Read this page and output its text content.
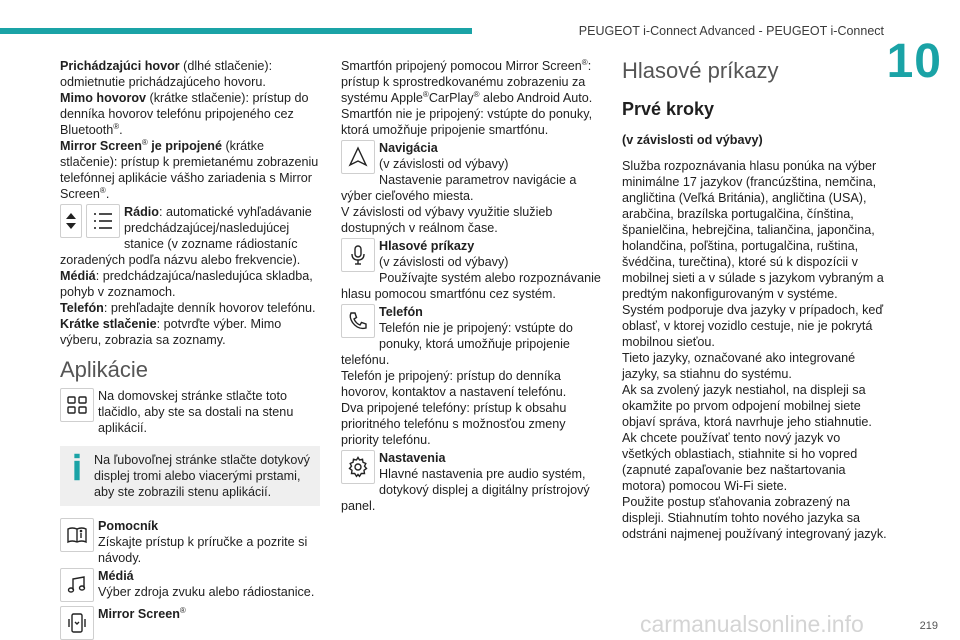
PEUGEOT i-Connect Advanced - PEUGEOT i-Connect
10

Prichádzajúci hovor (dlhé stlačenie): odmietnutie prichádzajúceho hovoru.

Mimo hovorov (krátke stlačenie): prístup do denníka hovorov telefónu pripojeného cez Bluetooth®.

Mirror Screen® je pripojené (krátke stlačenie): prístup k premietanému zobrazeniu telefónnej aplikácie vášho zariadenia s Mirror Screen®.

Rádio: automatické vyhľadávanie predchádzajúcej/nasledujúcej stanice (v zozname rádiostaníc zoradených podľa názvu alebo frekvencie).

Médiá: predchádzajúca/nasledujúca skladba, pohyb v zoznamoch.

Telefón: prehľadajte denník hovorov telefónu.

Krátke stlačenie: potvrďte výber. Mimo výberu, zobrazia sa zoznamy.

Aplikácie

Na domovskej stránke stlačte toto tlačidlo, aby ste sa dostali na stenu aplikácií.

Na ľubovoľnej stránke stlačte dotykový displej tromi alebo viacerými prstami, aby ste zobrazili stenu aplikácií.

Pomocník

Získajte prístup k príručke a pozrite si návody.

Médiá

Výber zdroja zvuku alebo rádiostanice.

Mirror Screen®

Smartfón pripojený pomocou Mirror Screen®: prístup k sprostredkovanému zobrazeniu za systému Apple®CarPlay® alebo Android Auto.

Smartfón nie je pripojený: vstúpte do ponuky, ktorá umožňuje pripojenie smartfónu.

Navigácia

(v závislosti od výbavy)

Nastavenie parametrov navigácie a výber cieľového miesta.

V závislosti od výbavy využitie služieb dostupných v reálnom čase.

Hlasové príkazy

(v závislosti od výbavy)

Používajte systém alebo rozpoznávanie hlasu pomocou smartfónu cez systém.

Telefón

Telefón nie je pripojený: vstúpte do ponuky, ktorá umožňuje pripojenie telefónu.

Telefón je pripojený: prístup do denníka hovorov, kontaktov a nastavení telefónu.

Dva pripojené telefóny: prístup k obsahu prioritného telefónu s možnosťou zmeny priority telefónu.

Nastavenia

Hlavné nastavenia pre audio systém, dotykový displej a digitálny prístrojový panel.

Hlasové príkazy
Prvé kroky
(v závislosti od výbavy)

Služba rozpoznávania hlasu ponúka na výber minimálne 17 jazykov (francúzština, nemčina, angličtina (Veľká Británia), angličtina (USA), arabčina, brazílska portugalčina, čínština, španielčina, hebrejčina, taliančina, japončina, holandčina, poľština, portugalčina, ruština, švédčina, turečtina), ktoré sú k dispozícii v mobilnej sieti a v súlade s jazykom vybraným a predtým nakonfigurovaným v systéme.

Systém podporuje dva jazyky v prípadoch, keď oblasť, v ktorej vozidlo cestuje, nie je pokrytá mobilnou sieťou.

Tieto jazyky, označované ako integrované jazyky, sa stiahnu do systému.

Ak sa zvolený jazyk nestiahol, na displeji sa okamžite po prvom odpojení mobilnej siete objaví správa, ktorá navrhuje jeho stiahnutie.

Ak chcete používať tento nový jazyk vo všetkých oblastiach, stiahnite si ho vopred (zapnuté zapaľovanie bez naštartovania motora) pomocou Wi-Fi siete.

Použite postup sťahovania zobrazený na displeji. Stiahnutím tohto nového jazyka sa odstráni najmenej používaný integrovaný jazyk.

carmanualsonline.info	219
